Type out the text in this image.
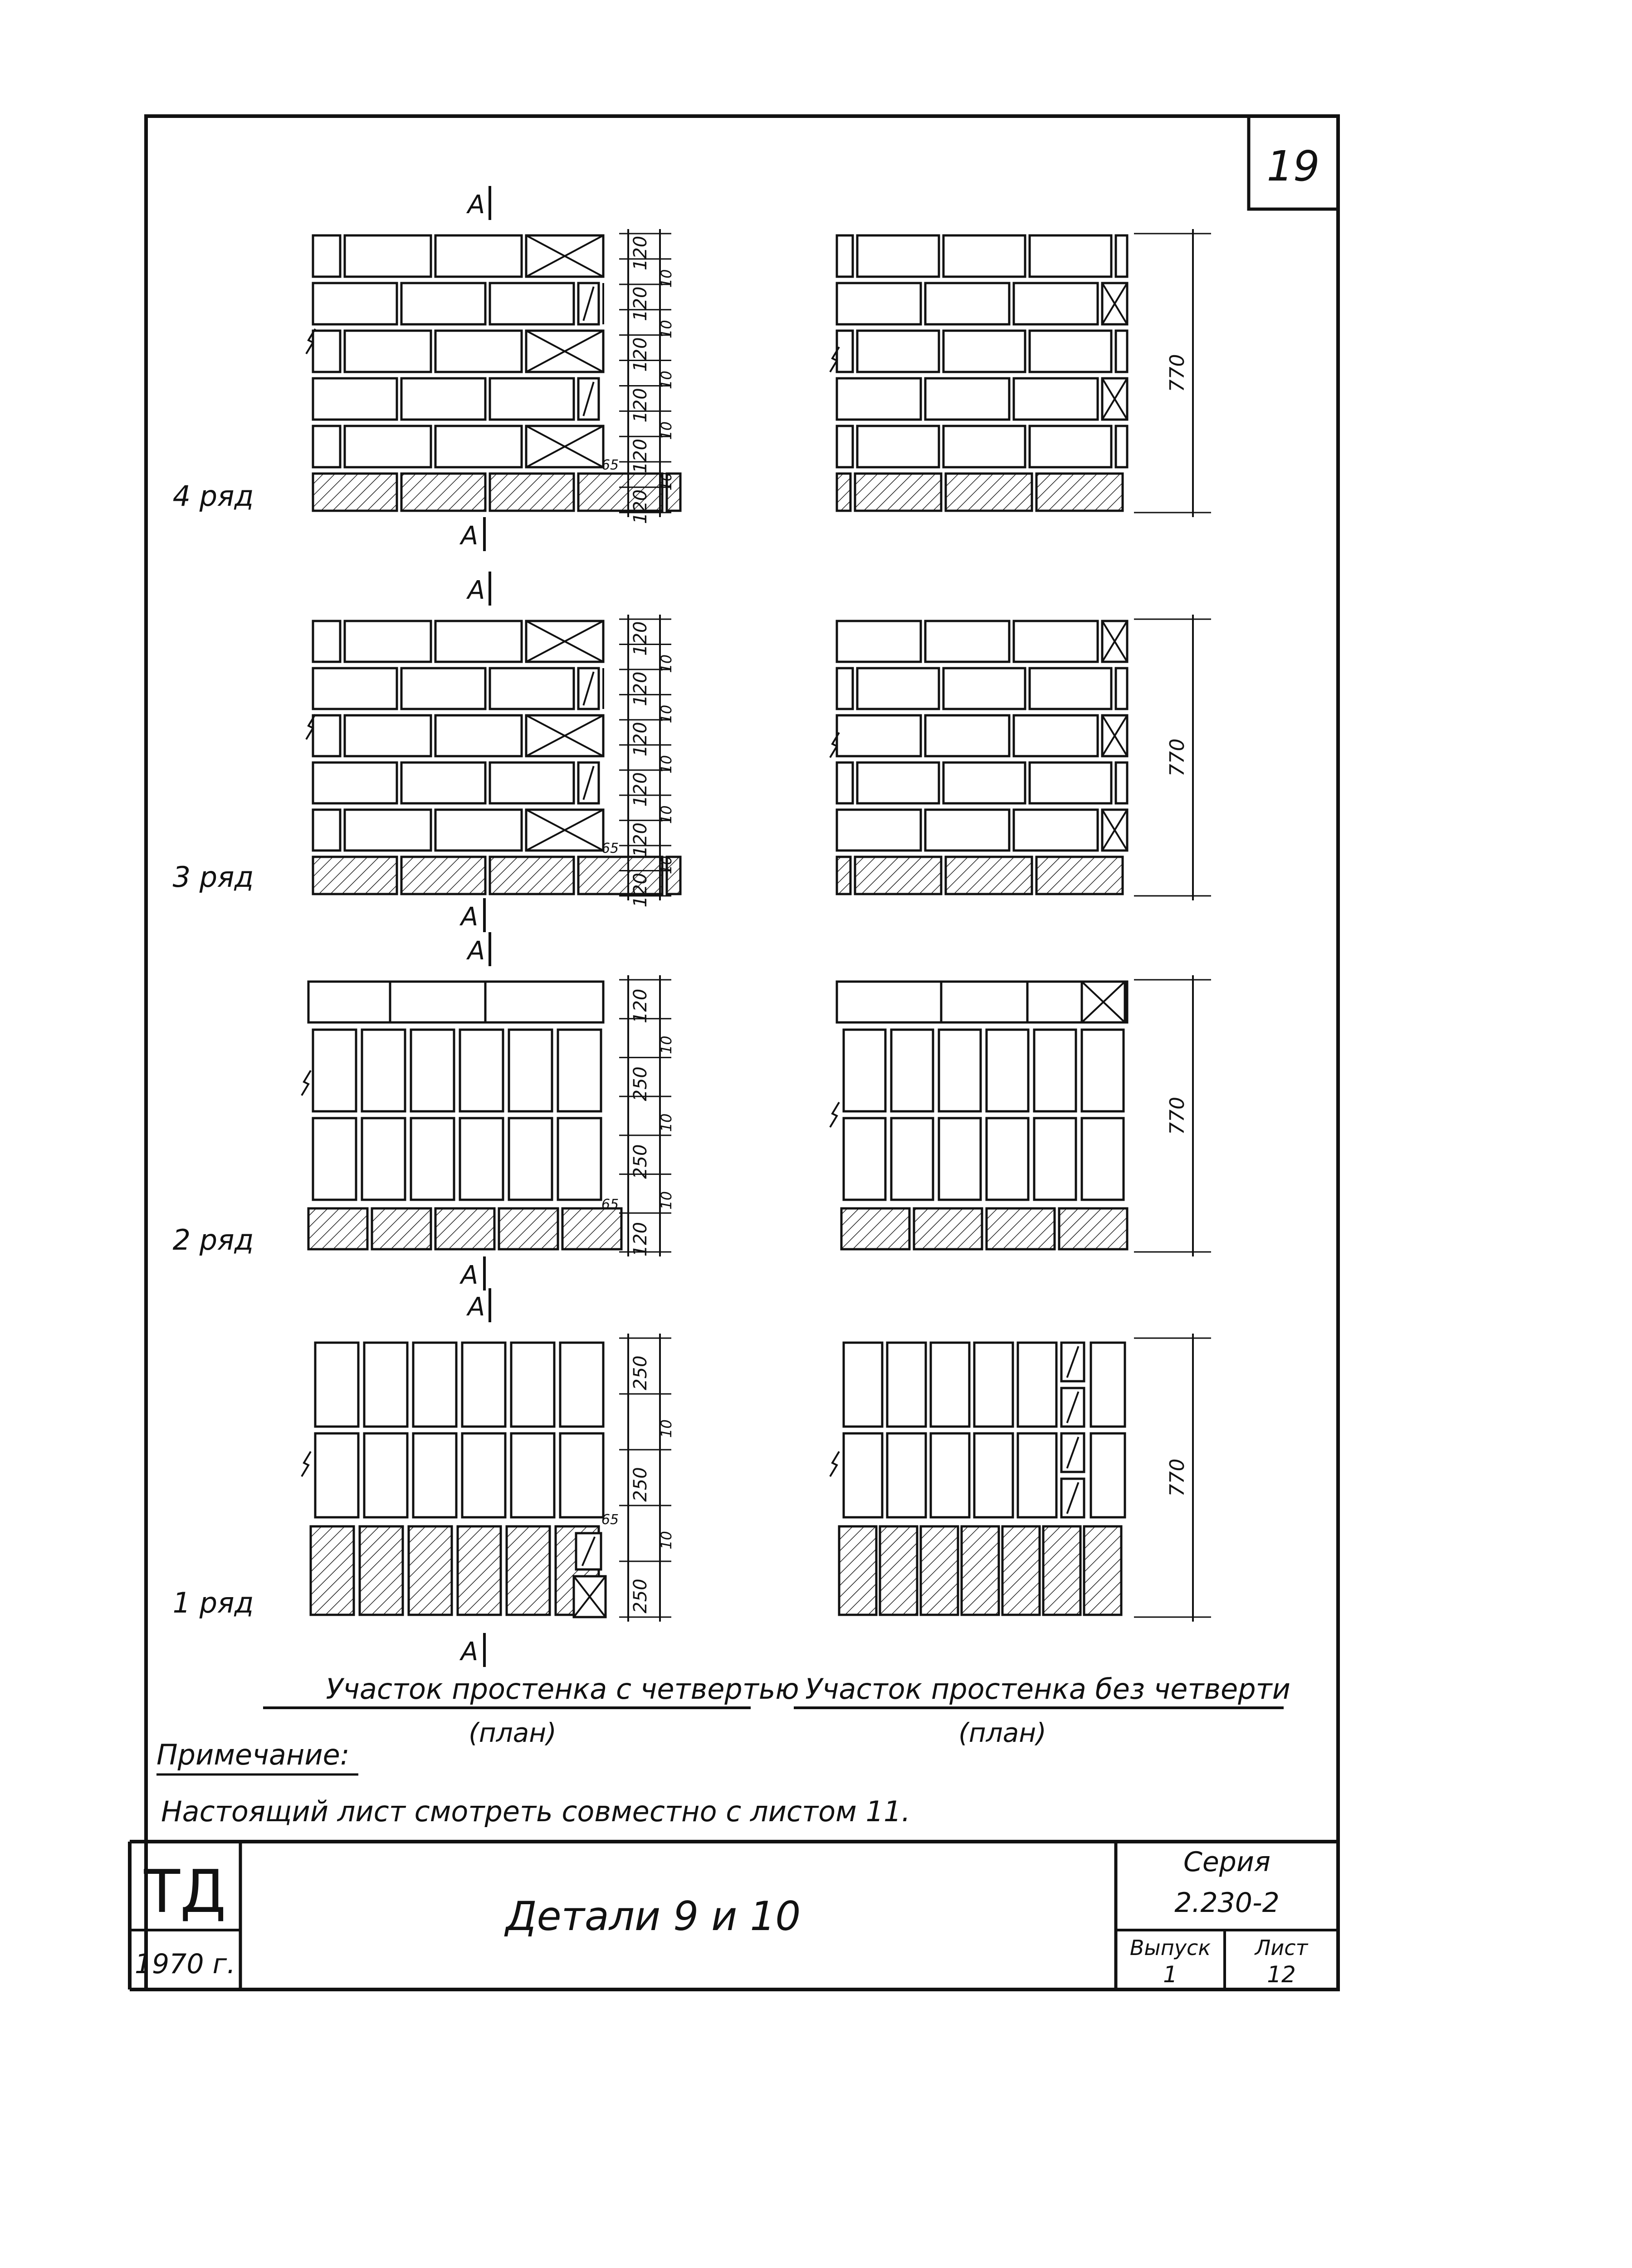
19
4 ряд
A
A
120
10
120
10
120
10
120
10
120
10
120
65
770
3 ряд
A
A
120
10
120
10
120
10
120
10
120
10
120
65
770
2 ряд
A
A
120
10
250
10
250
10
120
65
770
1 ряд
A
A
250
10
250
10
250
65
770
Участок простенка с четвертью
(план)
Участок простенка без четверти
(план)
Примечание:
Настоящий лист смотреть совместно с листом 11.
ТД
1970 г.
Детали 9 и 10
Серия
2.230-2
Выпуск
1
Лист
12
